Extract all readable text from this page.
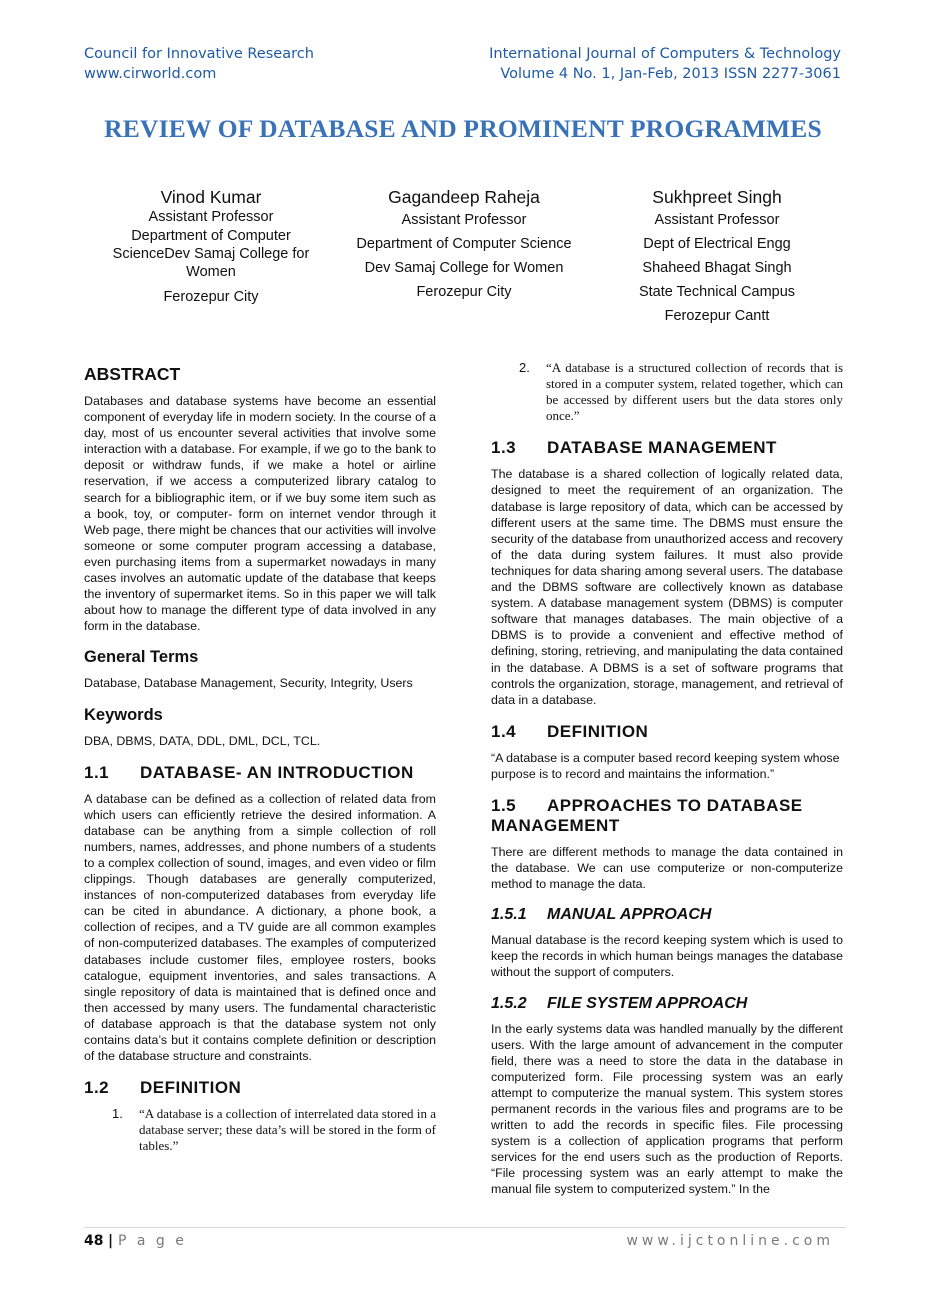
Council for Innovative Research
www.cirworld.com
International Journal of Computers & Technology
Volume 4 No. 1, Jan-Feb, 2013 ISSN 2277-3061
REVIEW OF DATABASE AND PROMINENT PROGRAMMES
Vinod Kumar
Assistant Professor
Department of Computer ScienceDev Samaj College for Women
Ferozepur City
Gagandeep Raheja
Assistant Professor
Department of Computer Science
Dev Samaj College for Women
Ferozepur City
Sukhpreet Singh
Assistant Professor
Dept of Electrical Engg
Shaheed Bhagat Singh
State Technical Campus
Ferozepur Cantt
ABSTRACT

Databases and database systems have become an essential component of everyday life in modern society. In the course of a day, most of us encounter several activities that involve some interaction with a database. For example, if we go to the bank to deposit or withdraw funds, if we make a hotel or airline reservation, if we access a computerized library catalog to search for a bibliographic item, or if we buy some item such as a book, toy, or computer- form on internet vendor through it Web page, there might be chances that our activities will involve someone or some computer program accessing a database, even purchasing items from a supermarket nowadays in many cases involves an automatic update of the database that keeps the inventory of supermarket items. So in this paper we will talk about how to manage the different type of data involved in any form in the database.

General Terms

Database, Database Management, Security, Integrity, Users

Keywords

DBA, DBMS, DATA, DDL, DML, DCL, TCL.

1.1	DATABASE- AN INTRODUCTION

A database can be defined as a collection of related data from which users can efficiently retrieve the desired information. A database can be anything from a simple collection of roll numbers, names, addresses, and phone numbers of a students to a complex collection of sound, images, and even video or film clippings. Though databases are generally computerized, instances of non-computerized databases from everyday life can be cited in abundance. A dictionary, a phone book, a collection of recipes, and a TV guide are all common examples of non-computerized databases. The examples of computerized databases include customer files, employee rosters, books catalogue, equipment inventories, and sales transactions. A single repository of data is maintained that is defined once and then accessed by many users. The fundamental characteristic of database approach is that the database system not only contains data’s but it contains complete definition or description of the database structure and constraints.

1.2	DEFINITION
1.	“A database is a collection of interrelated data stored in a database server; these data’s will be stored in the form of tables.”

2.	“A database is a structured collection of records that is stored in a computer system, related together, which can be accessed by different users but the data stores only once.”

1.3	DATABASE MANAGEMENT

The database is a shared collection of logically related data, designed to meet the requirement of an organization. The database is large repository of data, which can be accessed by different users at the same time. The DBMS must ensure the security of the database from unauthorized access and recovery of the data during system failures. It must also provide techniques for data sharing among several users. The database and the DBMS software are collectively known as database system. A database management system (DBMS) is computer software that manages databases. The main objective of a DBMS is to provide a convenient and effective method of defining, storing, retrieving, and manipulating the data contained in the database. A DBMS is a set of software programs that controls the organization, storage, management, and retrieval of data in a database.

1.4	DEFINITION

“A database is a computer based record keeping system whose purpose is to record and maintains the information.”

1.5	APPROACHES TO DATABASE
MANAGEMENT

There are different methods to manage the data contained in the database. We can use computerize or non-computerize method to manage the data.

1.5.1	MANUAL APPROACH

Manual database is the record keeping system which is used to keep the records in which human beings manages the database without the support of computers.

1.5.2	FILE SYSTEM APPROACH

In the early systems data was handled manually by the different users. With the large amount of advancement in the computer field, there was a need to store the data in the database in computerized form. File processing system was an early attempt to computerize the manual system. This system stores permanent records in the various files and programs are to be written to add the records in specific files. File processing system is a collection of application programs that perform services for the end users such as the production of Reports. “File processing system was an early attempt to make the manual file system to computerized system.” In the

48 | P a g e	www.ijctonline.com
